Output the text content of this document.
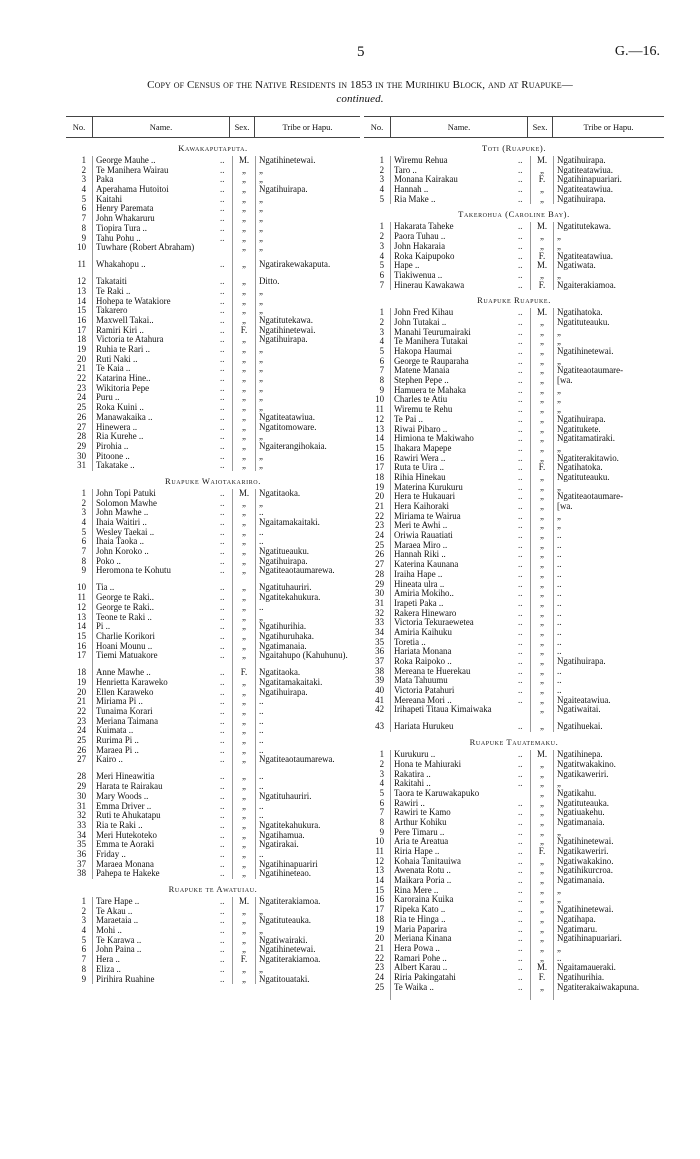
5	G.—16.
Copy of Census of the Native Residents in 1853 in the Murihiku Block, and at Ruapuke—
continued.
No.	Name.	Sex.	Tribe or Hapu.
Kawakaputaputa.
1	George Mauhe ..	..	M.	Ngatihinetewai.
2	Te Manihera Wairau	..	„	„
3	Paka	..	„	„
4	Aperahama Hutoitoi	..	„	Ngatihuirapa.
5	Kaitahi	..	„	„
6	Henry Paremata	..	„	„
7	John Whakaruru	..	„	„
8	Tiopira Tura ..	..	„	„
9	Tahu Pohu ..	..	„	„
10	Tuwhare (Robert Abraham)	„	„
11	Whakahopu ..	..	„	Ngatirakewakaputa.
12	Takataiti	..	„	Ditto.
13	Te Raki ..	..	„	„
14	Hohepa te Watakiore	..	„	„
15	Takarero	..	„	„
16	Maxwell Takai..	..	„	Ngatitutekawa.
17	Ramiri Kiri ..	..	F.	Ngatihinetewai.
18	Victoria te Atahura	..	„	Ngatihuirapa.
19	Ruhia te Rari ..	..	„	„
20	Ruti Naki ..	..	„	„
21	Te Kaia ..	..	„	„
22	Katarina Hine..	..	„	„
23	Wikitoria Pepe	..	„	„
24	Puru ..	..	„	„
25	Roka Kuini ..	..	„	„
26	Manawakaika ..	..	„	Ngatiteatawiua.
27	Hinewera ..	..	„	Ngatitomoware.
28	Ria Kurehe ..	..	„	„
29	Pirohia ..	..	„	Ngaiterangihokaia.
30	Pitoone ..	..	„	„
31	Takatake ..	..	„	„
Ruapuke Waiotakariro.
1	John Topi Patuki	..	M.	Ngatitaoka.
2	Solomon Mawhe	..	„	„
3	John Mawhe ..	..	„	..
4	Ihaia Waitiri ..	..	„	Ngaitamakaitaki.
5	Wesley Taekai ..	..	„	..
6	Ihaia Taoka ..	..	„	..
7	John Koroko ..	..	„	Ngatitueauku.
8	Poko ..	..	„	Ngatihuirapa.
9	Heromona te Kohutu	..	„	Ngatiteaotaumarewa.
10	Tia ..	..	„	Ngatituhauriri.
11	George te Raki..	..	„	Ngatitekahukura.
12	George te Raki..	..	„	..
13	Teone te Raki ..	..	„	„
14	Pi ..	..	„	Ngatihurihia.
15	Charlie Korikori	..	„	Ngatihuruhaka.
16	Hoani Mounu ..	..	„	Ngatimanaia.
17	Tiemi Matuakore	..	„	Ngaitahupo (Kahuhunu).
18	Anne Mawhe ..	..	F.	Ngatitaoka.
19	Henrietta Karaweko	..	„	Ngatitamakaitaki.
20	Ellen Karaweko	..	„	Ngatihuirapa.
21	Miriama Pi ..	..	„	..
22	Tunaima Korari	..	„	..
23	Meriana Taimana	..	„	..
24	Kuimata ..	..	„	..
25	Rurima Pi ..	..	„	..
26	Maraea Pi ..	..	„	..
27	Kairo ..	..	„	Ngatiteaotaumarewa.
28	Meri Hineawitia	..	„	..
29	Harata te Rairakau	..	„	..
30	Mary Woods ..	..	„	Ngatituhauriri.
31	Emma Driver ..	..	„	..
32	Ruti te Ahukatapu	..	„	..
33	Ria te Raki ..	..	„	Ngatitekahukura.
34	Meri Hutekoteko	..	„	Ngatihamua.
35	Emma te Aoraki	..	„	Ngatirakai.
36	Friday ..	..	„	..
37	Maraea Monana	..	„	Ngatihinapuariri
38	Pahepa te Hakeke	..	„	Ngatihineteao.
Ruapuke te Awatuiau.
1	Tare Hape ..	..	M.	Ngatiterakiamoa.
2	Te Akau ..	..	„	„
3	Maraetaia ..	..	„	Ngatituteauka.
4	Mohi ..	..	„	„
5	Te Karawa ..	..	„	Ngatiwairaki.
6	John Paina ..	..	„	Ngatihinetewai.
7	Hera ..	..	F.	Ngatiterakiamoa.
8	Eliza ..	..	„	„
9	Pirihira Ruahine	..	„	Ngatitouataki.
No.	Name.	Sex.	Tribe or Hapu.
Toti (Ruapuke).
1	Wiremu Rehua	..	M.	Ngatihuirapa.
2	Taro ..	..	„	Ngatiteatawiua.
3	Monana Kairakau	..	F.	Ngatihinapuariari.
4	Hannah ..	..	„	Ngatiteatawiua.
5	Ria Make ..	..	„	Ngatihuirapa.
Takerohua (Caroline Bay).
1	Hakarata Taheke	..	M.	Ngatitutekawa.
2	Paora Tuhau ..	..	„	„
3	John Hakaraia	..	„	„
4	Roka Kaipupoko	..	F.	Ngatiteatawiua.
5	Hape ..	..	M.	Ngatiwata.
6	Tiakiwenua ..	..	„	„
7	Hinerau Kawakawa	..	F.	Ngaiterakiamoa.
Ruapuke Ruapuke.
1	John Fred Kihau	..	M.	Ngatihatoka.
2	John Tutakai ..	..	„	Ngatituteauku.
3	Manahi Teurumairaki	..	„	„
4	Te Manihera Tutakai	..	„	„
5	Hakopa Haumai	..	„	Ngatihinetewai.
6	George te Rauparaha	..	„	„
7	Matene Manaia	..	„	Ngatiteaotaumare-
8	Stephen Pepe ..	..	„	[wa.
9	Hamuera te Mahaka	..	„	„
10	Charles te Atiu	..	„	„
11	Wiremu te Rehu	..	„	„
12	Te Pai ..	..	„	Ngatihuirapa.
13	Riwai Pibaro ..	..	„	Ngatitukete.
14	Himiona te Makiwaho	..	„	Ngatitamatiraki.
15	Ihakara Mapepe	..	„	„
16	Rawiri Wera ..	..	„	Ngatiterakitawio.
17	Ruta te Uira ..	..	F.	Ngatihatoka.
18	Rihia Hinekau	..	„	Ngatituteauku.
19	Materina Kurukuru	..	„	„
20	Hera te Hukauari	..	„	Ngatiteaotaumare-
21	Hera Kaihoraki	..	„	[wa.
22	Miriama te Wairua	..	„	„
23	Meri te Awhi ..	..	„	„
24	Oriwia Rauatiati	..	„	..
25	Maraea Miro ..	..	„	..
26	Hannah Riki ..	..	„	..
27	Katerina Kaunana	..	„	..
28	Iraiha Hape ..	..	„	..
29	Hineata ulra ..	..	„	..
30	Amiria Mokiho..	..	„	..
31	Irapeti Paka ..	..	„	..
32	Rakera Hinewaro	..	„	..
33	Victoria Tekuraewetea	..	„	..
34	Amiria Kaihuku	..	„	..
35	Toretia ..	..	„	..
36	Hariata Monana	..	„	..
37	Roka Raipoko ..	..	„	Ngatihuirapa.
38	Mereana te Huerekau	..	„	..
39	Mata Tahuumu	..	„	..
40	Victoria Patahuri	..	„	..
41	Mereana Mori ..	..	„	Ngaiteatawiua.
42	Irihapeti Titaua Kimaiwaka	„	Ngatiwaitai.
43	Hariata Hurukeu	..	„	Ngatihuekai.
Ruapuke Tauatemaku.
1	Kurukuru ..	..	M.	Ngatihinepa.
2	Hona te Mahiuraki	..	„	Ngatitwakakino.
3	Rakatira ..	..	„	Ngatikaweriri.
4	Rakitahi ..	..	„	„
5	Taora te Karuwakapuko	„	Ngatikahu.
6	Rawiri ..	..	„	Ngatituteauka.
7	Rawiri te Kamo	..	„	Ngatiuakehu.
8	Arthur Kohiku	..	„	Ngatimanaia.
9	Pere Timaru ..	..	„	„
10	Aria te Areatua	..	„	Ngatihinetewai.
11	Riria Hape ..	..	F.	Ngatikaweriri.
12	Kohaia Tanitauiwa	..	„	Ngatiwakakino.
13	Awenata Rotu ..	..	„	Ngatihikurcroa.
14	Maikara Poria ..	..	„	Ngatimanaia.
15	Rina Mere ..	..	„	„
16	Karoraina Kuika	..	„	„
17	Ripeka Kato ..	..	„	Ngatihinetewai.
18	Ria te Hinga ..	..	„	Ngatihapa.
19	Maria Paparira	..	„	Ngatimaru.
20	Meriana Kinana	..	„	Ngatihinapuariari.
21	Hera Powa ..	..	„	„
22	Ramari Pohe ..	..	„	..
23	Albert Karau ..	..	M.	Ngaitamaueraki.
24	Riria Pakingatahi	..	F.	Ngatihurihia.
25	Te Waika ..	..	„	Ngatiterakaiwakapuna.
